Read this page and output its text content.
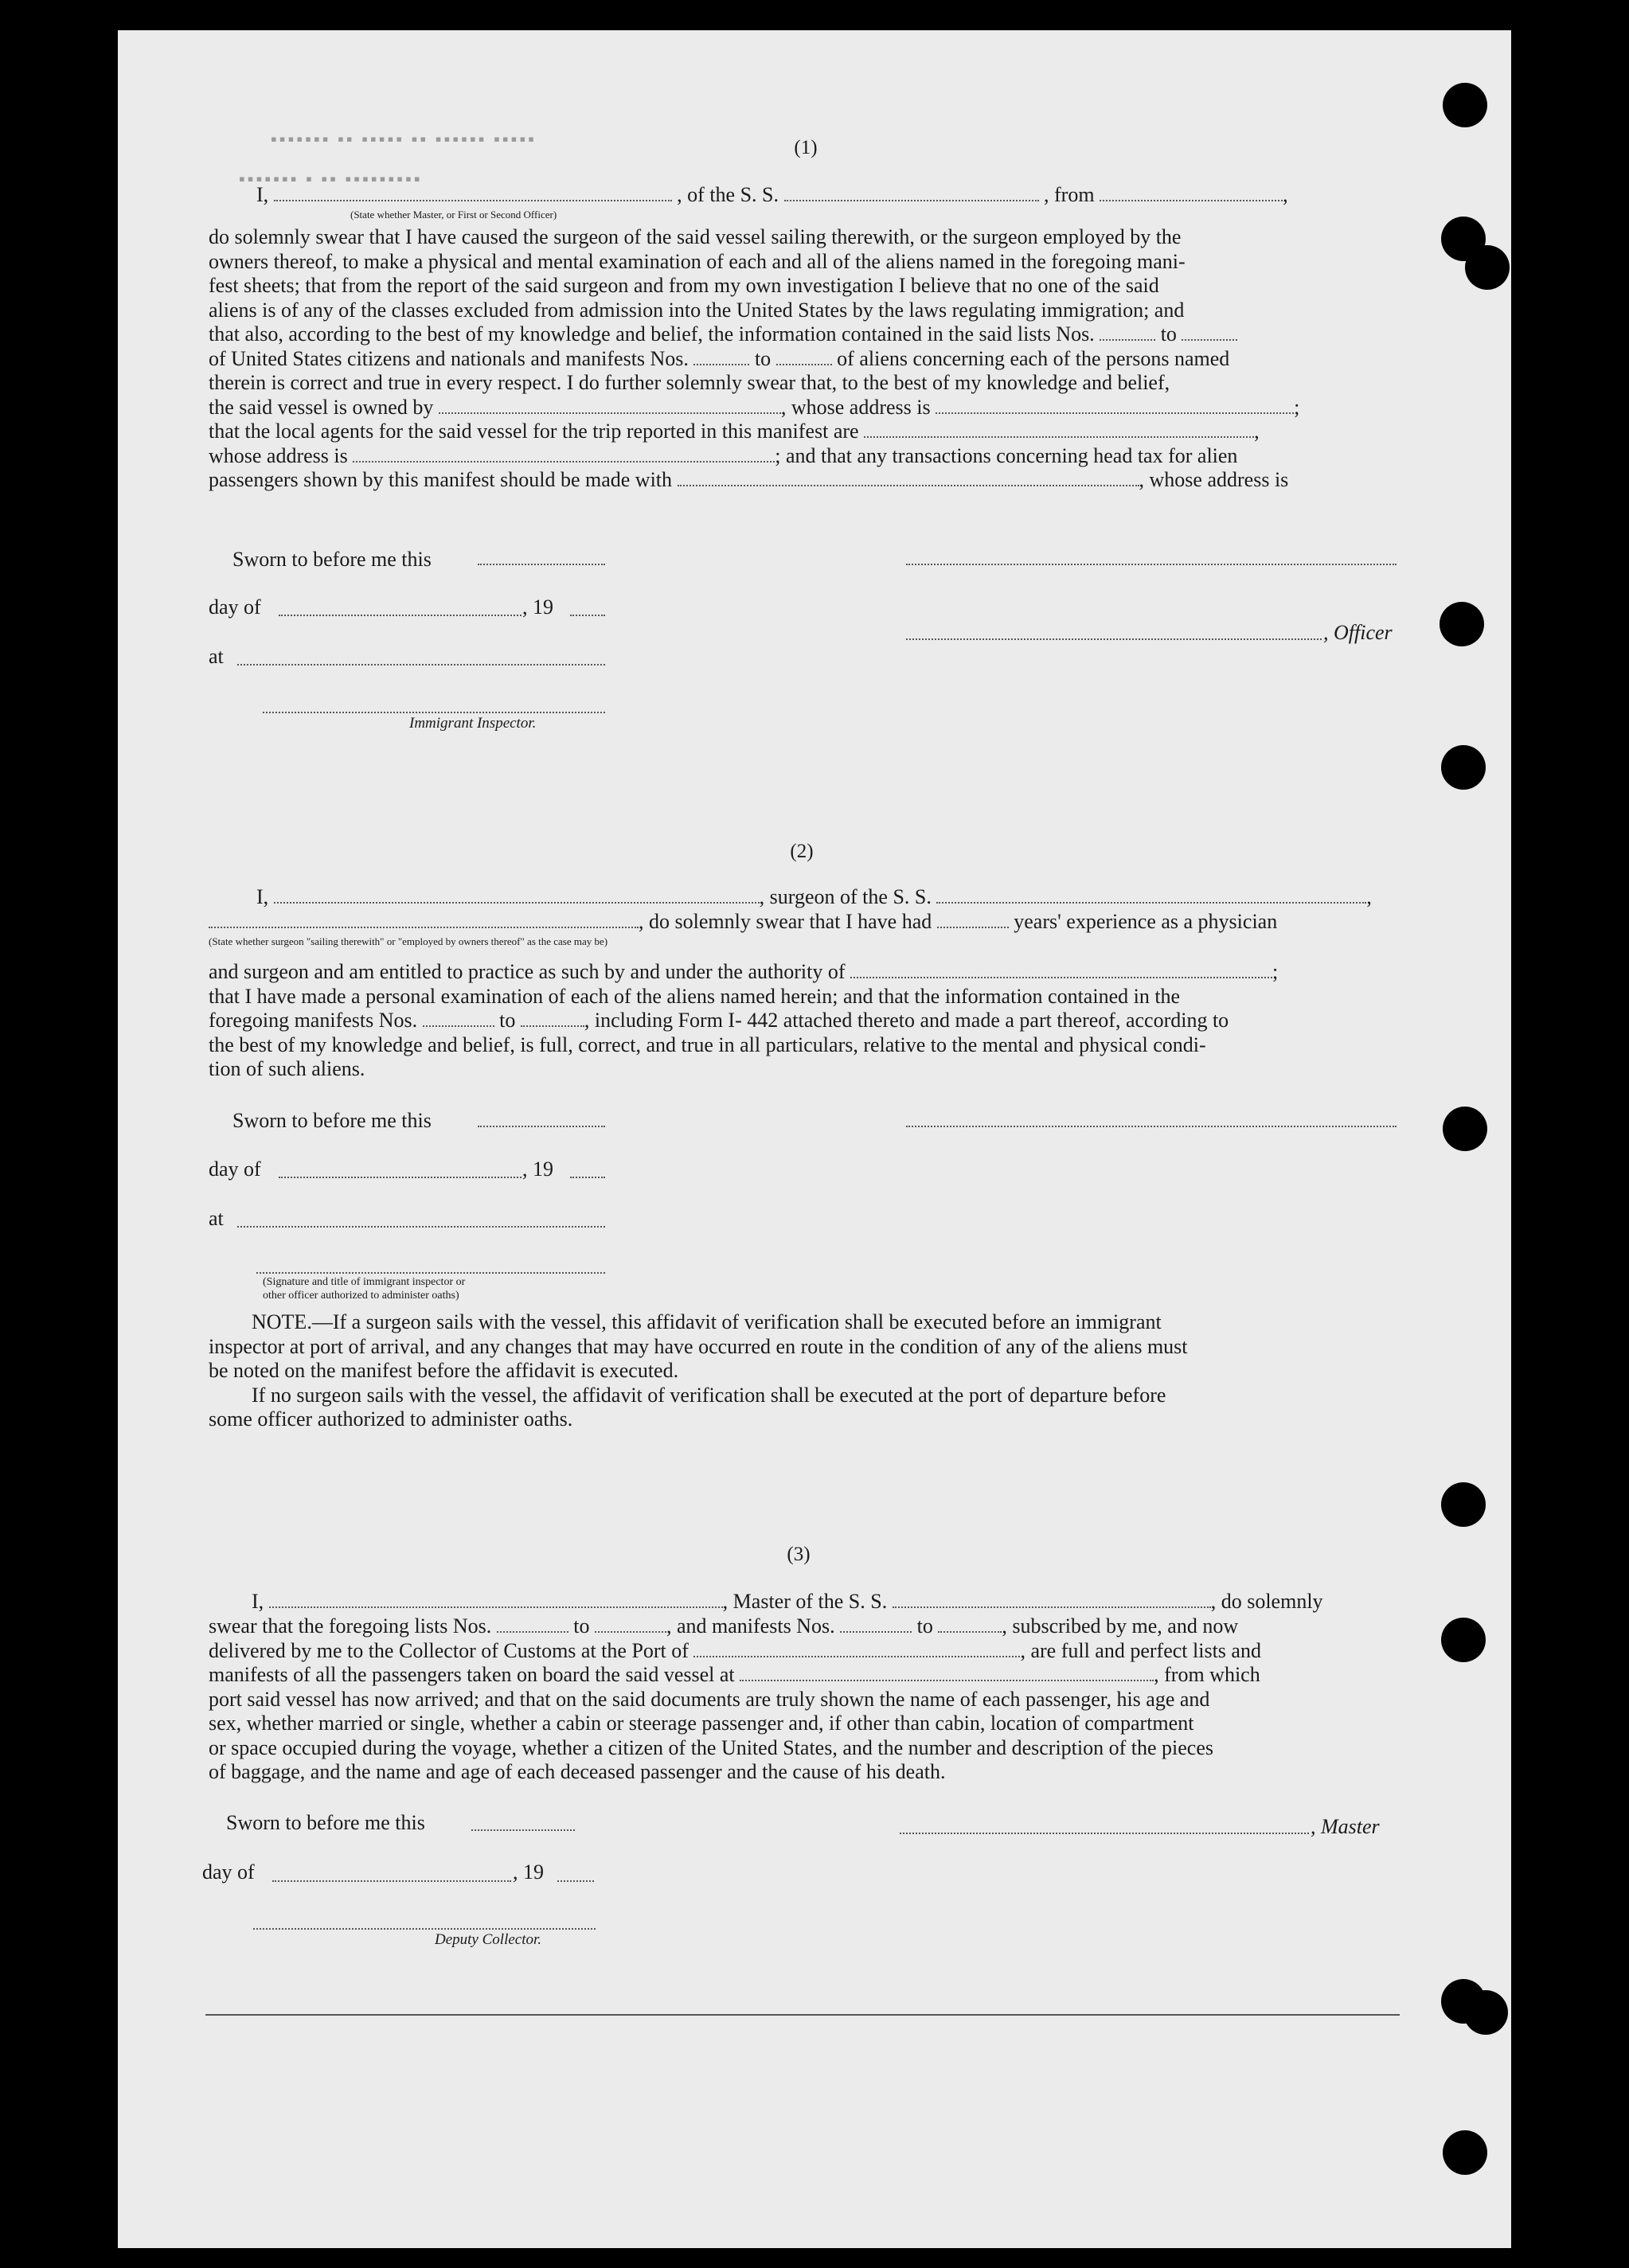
▪▪▪▪▪▪▪ ▪▪ ▪▪▪▪▪ ▪▪ ▪▪▪▪▪▪ ▪▪▪▪▪
▪▪▪▪▪▪▪ ▪ ▪▪ ▪▪▪▪▪▪▪▪▪
(1)
I,	, of the S. S.	, from	,
(State whether Master, or First or Second Officer)
do solemnly swear that I have caused the surgeon of the said vessel sailing therewith, or the surgeon employed by the
owners thereof, to make a physical and mental examination of each and all of the aliens named in the foregoing mani-
fest sheets; that from the report of the said surgeon and from my own investigation I believe that no one of the said
aliens is of any of the classes excluded from admission into the United States by the laws regulating immigration; and
that also, according to the best of my knowledge and belief, the information contained in the said lists Nos.	to
of United States citizens and nationals and manifests Nos.	to	of aliens concerning each of the persons named
therein is correct and true in every respect. I do further solemnly swear that, to the best of my knowledge and belief,
the said vessel is owned by	, whose address is	;
that the local agents for the said vessel for the trip reported in this manifest are	,
whose address is	; and that any transactions concerning head tax for alien
passengers shown by this manifest should be made with	, whose address is
Sworn to before me this
day of	, 19
, Officer
at
Immigrant Inspector.
(2)
I,	, surgeon of the S. S.	,
, do solemnly swear that I have had	years' experience as a physician
(State whether surgeon "sailing therewith" or "employed by owners thereof" as the case may be)
and surgeon and am entitled to practice as such by and under the authority of	;
that I have made a personal examination of each of the aliens named herein; and that the information contained in the
foregoing manifests Nos.	to	, including Form I- 442 attached thereto and made a part thereof, according to
the best of my knowledge and belief, is full, correct, and true in all particulars, relative to the mental and physical condi-
tion of such aliens.
Sworn to before me this
day of	, 19
at
(Signature and title of immigrant inspector or
other officer authorized to administer oaths)
NOTE.—If a surgeon sails with the vessel, this affidavit of verification shall be executed before an immigrant
inspector at port of arrival, and any changes that may have occurred en route in the condition of any of the aliens must
be noted on the manifest before the affidavit is executed.
If no surgeon sails with the vessel, the affidavit of verification shall be executed at the port of departure before
some officer authorized to administer oaths.
(3)
I,	, Master of the S. S.	, do solemnly
swear that the foregoing lists Nos.	to	, and manifests Nos.	to	, subscribed by me, and now
delivered by me to the Collector of Customs at the Port of	, are full and perfect lists and
manifests of all the passengers taken on board the said vessel at	, from which
port said vessel has now arrived; and that on the said documents are truly shown the name of each passenger, his age and
sex, whether married or single, whether a cabin or steerage passenger and, if other than cabin, location of compartment
or space occupied during the voyage, whether a citizen of the United States, and the number and description of the pieces
of baggage, and the name and age of each deceased passenger and the cause of his death.
Sworn to before me this	, Master
day of	, 19
Deputy Collector.
